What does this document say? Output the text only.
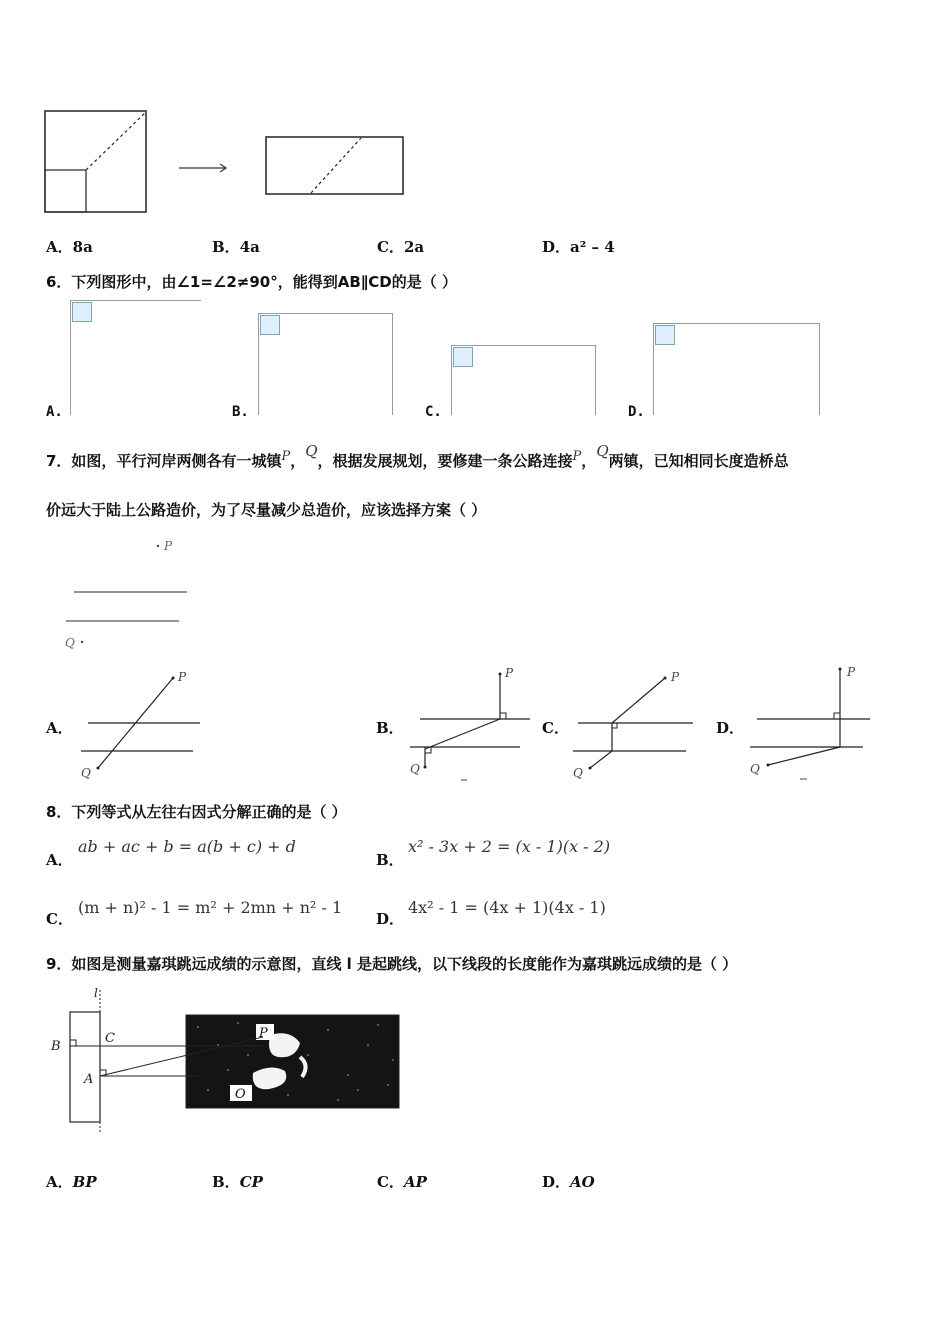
A．8a	B．4a	C．2a	D．a² – 4
6．下列图形中，由∠1=∠2≠90°，能得到AB∥CD的是（ ）
A.	B.	C.	D.
7．如图，平行河岸两侧各有一城镇P，Q，根据发展规划，要修建一条公路连接P，Q两镇，已知相同长度造桥总
价远大于陆上公路造价，为了尽量减少总造价，应该选择方案（ ）
P
Q
A．
P
Q
B．
P
Q
C．
P
Q
D．
P
Q
8．下列等式从左往右因式分解正确的是（ ）
A．
ab + ac + b = a(b + c) + d
B．
x² - 3x + 2 = (x - 1)(x - 2)
C．
(m + n)² - 1 = m² + 2mn + n² - 1
D．
4x² - 1 = (4x + 1)(4x - 1)
9．如图是测量嘉琪跳远成绩的示意图，直线 l 是起跳线，以下线段的长度能作为嘉琪跳远成绩的是（ ）
l
P
O
B
C
A
A．BP	B．CP	C．AP	D．AO
